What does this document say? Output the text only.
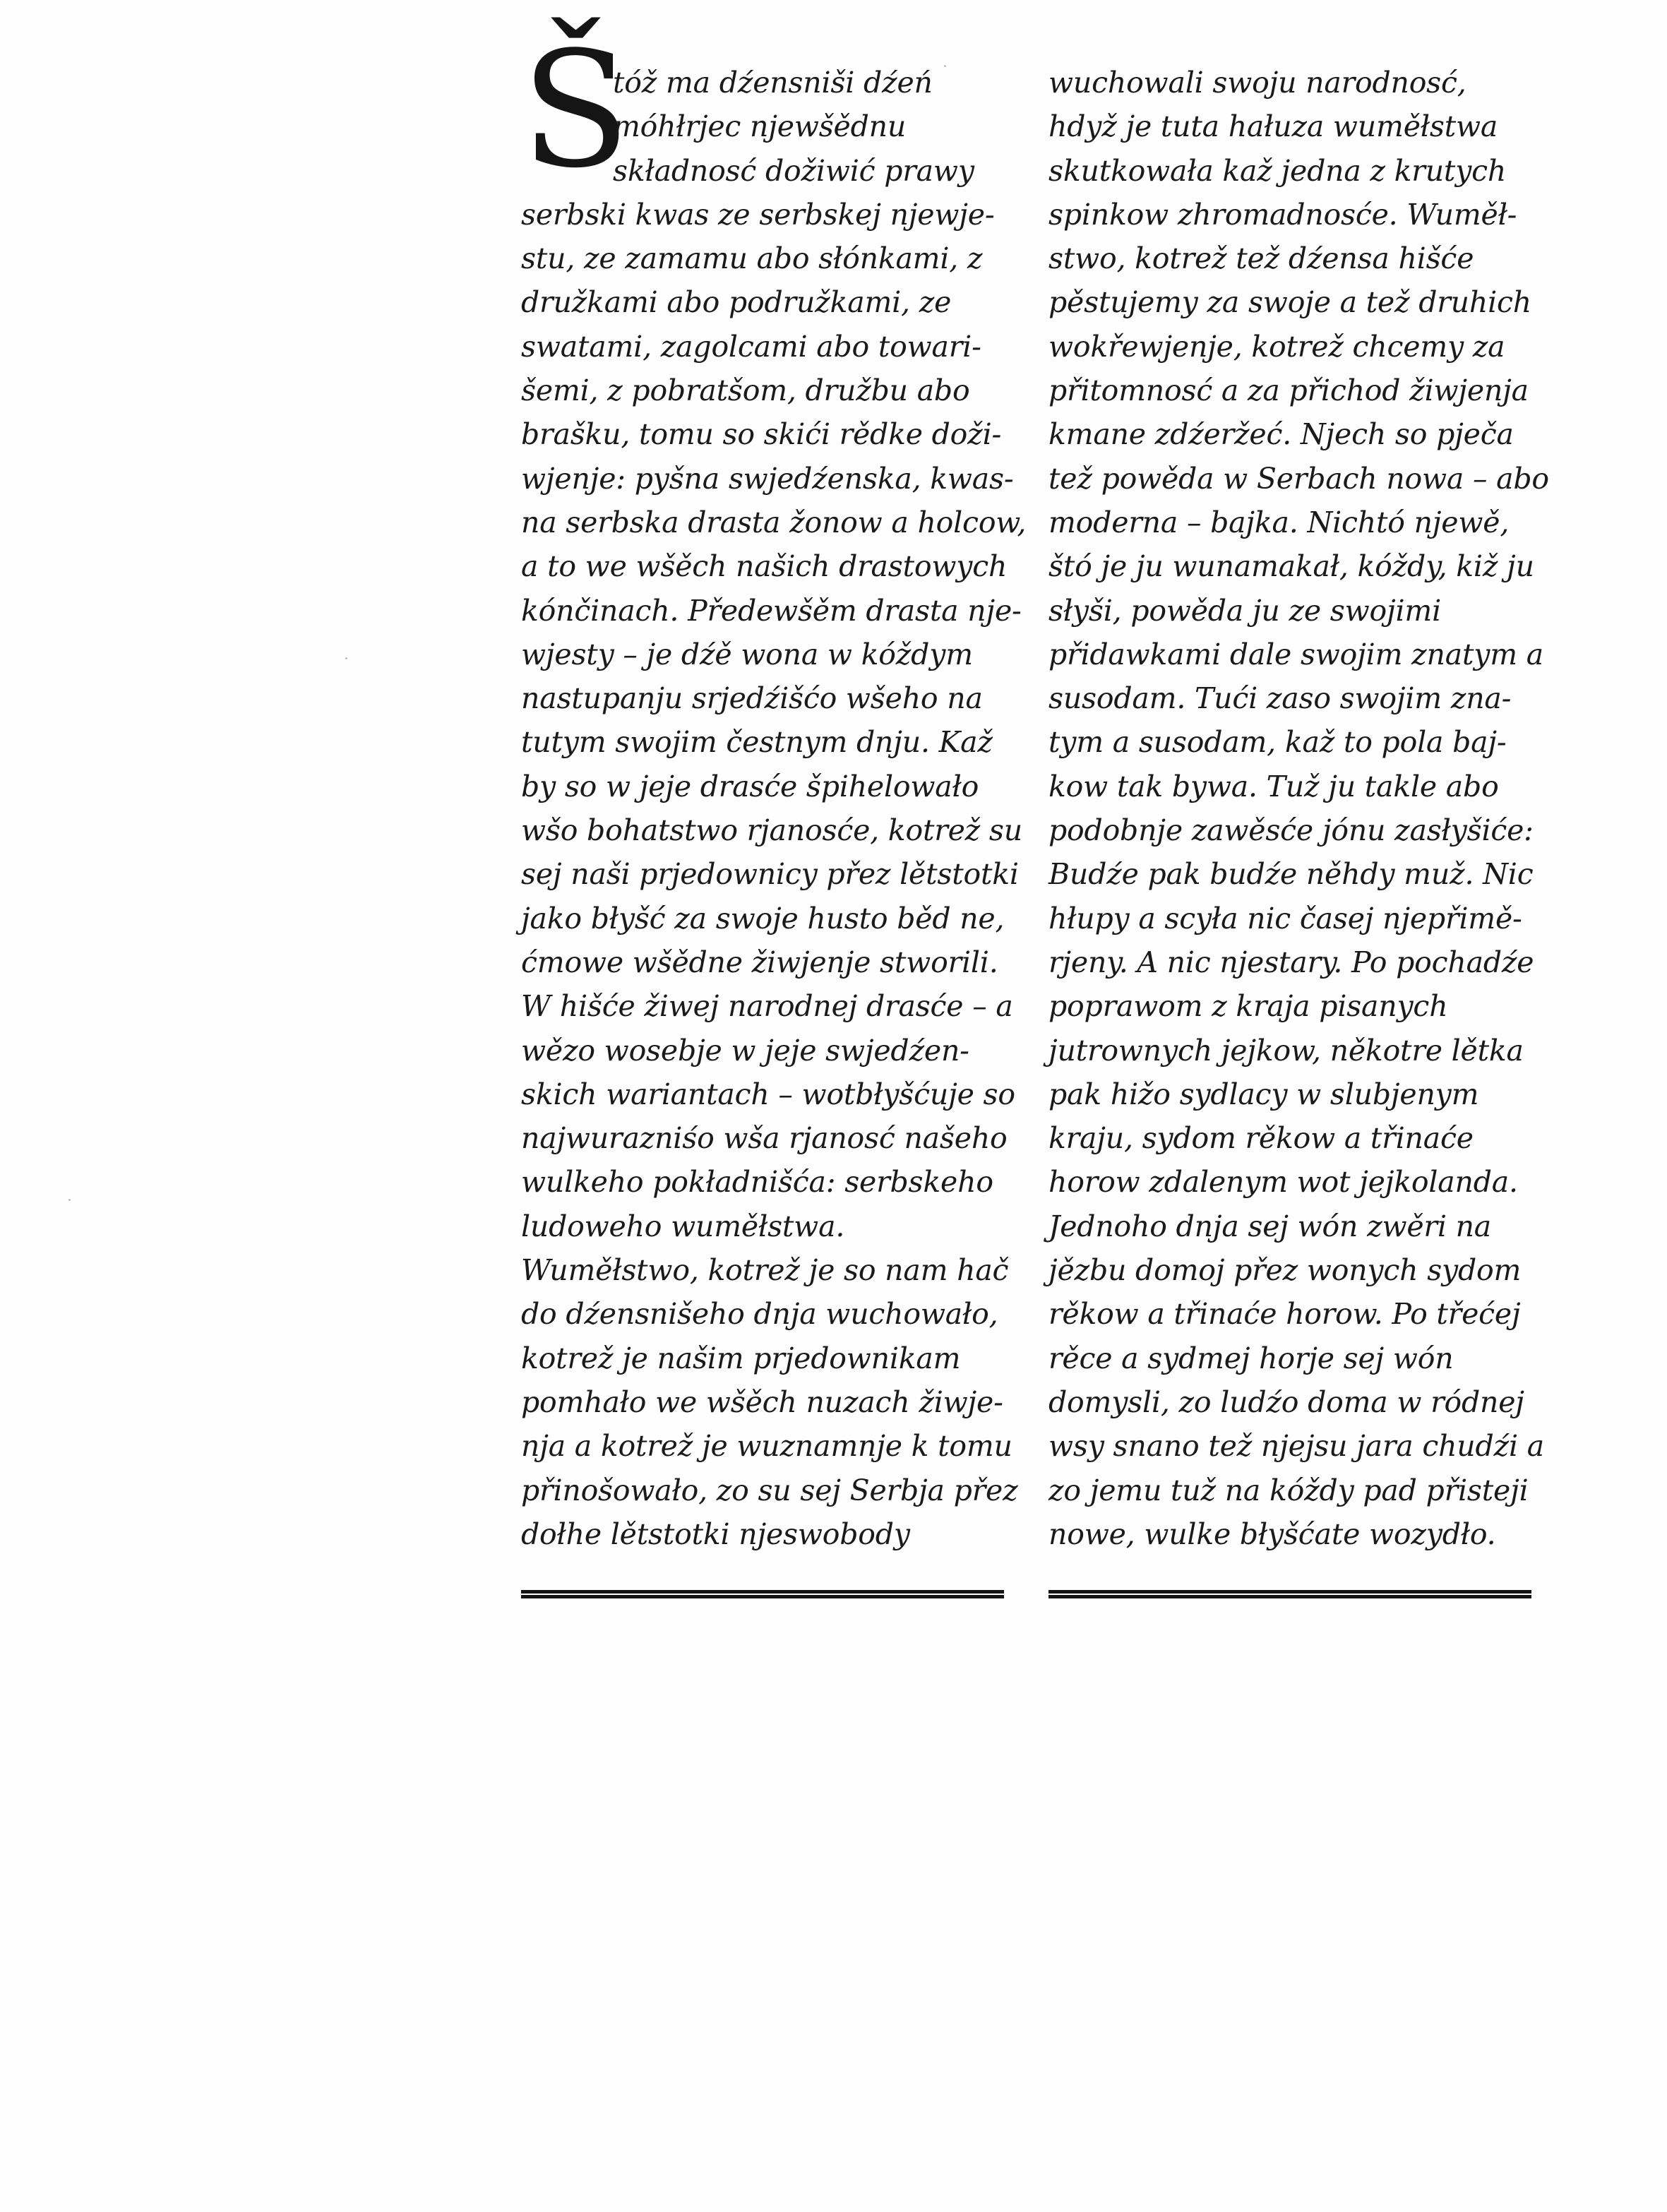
Š
tóž ma dźensniši dźeń
móhłrjec njewšědnu
składnosć dožiwić prawy
serbski kwas ze serbskej njewje-
stu, ze zamamu abo słónkami, z
družkami abo podružkami, ze
swatami, zagolcami abo towari-
šemi, z pobratšom, družbu abo
brašku, tomu so skići rědke doži-
wjenje: pyšna swjedźenska, kwas-
na serbska drasta žonow a holcow,
a to we wšěch našich drastowych
kónčinach. Předewšěm drasta nje-
wjesty – je dźě wona w kóždym
nastupanju srjedźišćo wšeho na
tutym swojim čestnym dnju. Kaž
by so w jeje drasće špihelowało
wšo bohatstwo rjanosće, kotrež su
sej naši prjedownicy přez lětstotki
jako błyšć za swoje husto běd ne,
ćmowe wšědne žiwjenje stworili.
W hišće žiwej narodnej drasće – a
wězo wosebje w jeje swjedźen-
skich wariantach – wotbłyšćuje so
najwurazniśo wša rjanosć našeho
wulkeho pokładnišća: serbskeho
ludoweho wuměłstwa.
Wuměłstwo, kotrež je so nam hač
do dźensnišeho dnja wuchowało,
kotrež je našim prjedownikam
pomhało we wšěch nuzach žiwje-
nja a kotrež je wuznamnje k tomu
přinošowało, zo su sej Serbja přez
dołhe lětstotki njeswobody
wuchowali swoju narodnosć,
hdyž je tuta hałuza wuměłstwa
skutkowała kaž jedna z krutych
spinkow zhromadnosće. Wuměł-
stwo, kotrež tež dźensa hišće
pěstujemy za swoje a tež druhich
wokřewjenje, kotrež chcemy za
přitomnosć a za přichod žiwjenja
kmane zdźeržeć. Njech so pječa
tež powěda w Serbach nowa – abo
moderna – bajka. Nichtó njewě,
štó je ju wunamakał, kóždy, kiž ju
słyši, powěda ju ze swojimi
přidawkami dale swojim znatym a
susodam. Tući zaso swojim zna-
tym a susodam, kaž to pola baj-
kow tak bywa. Tuž ju takle abo
podobnje zawěsće jónu zasłyšiće:
Budźe pak budźe něhdy muž. Nic
hłupy a scyła nic časej njepřimě-
rjeny. A nic njestary. Po pochadźe
poprawom z kraja pisanych
jutrownych jejkow, někotre lětka
pak hižo sydlacy w slubjenym
kraju, sydom rěkow a třinaće
horow zdalenym wot jejkolanda.
Jednoho dnja sej wón zwěri na
jězbu domoj přez wonych sydom
rěkow a třinaće horow. Po třećej
rěce a sydmej horje sej wón
domysli, zo ludźo doma w ródnej
wsy snano tež njejsu jara chudźi a
zo jemu tuž na kóždy pad přisteji
nowe, wulke błyšćate wozydło.
